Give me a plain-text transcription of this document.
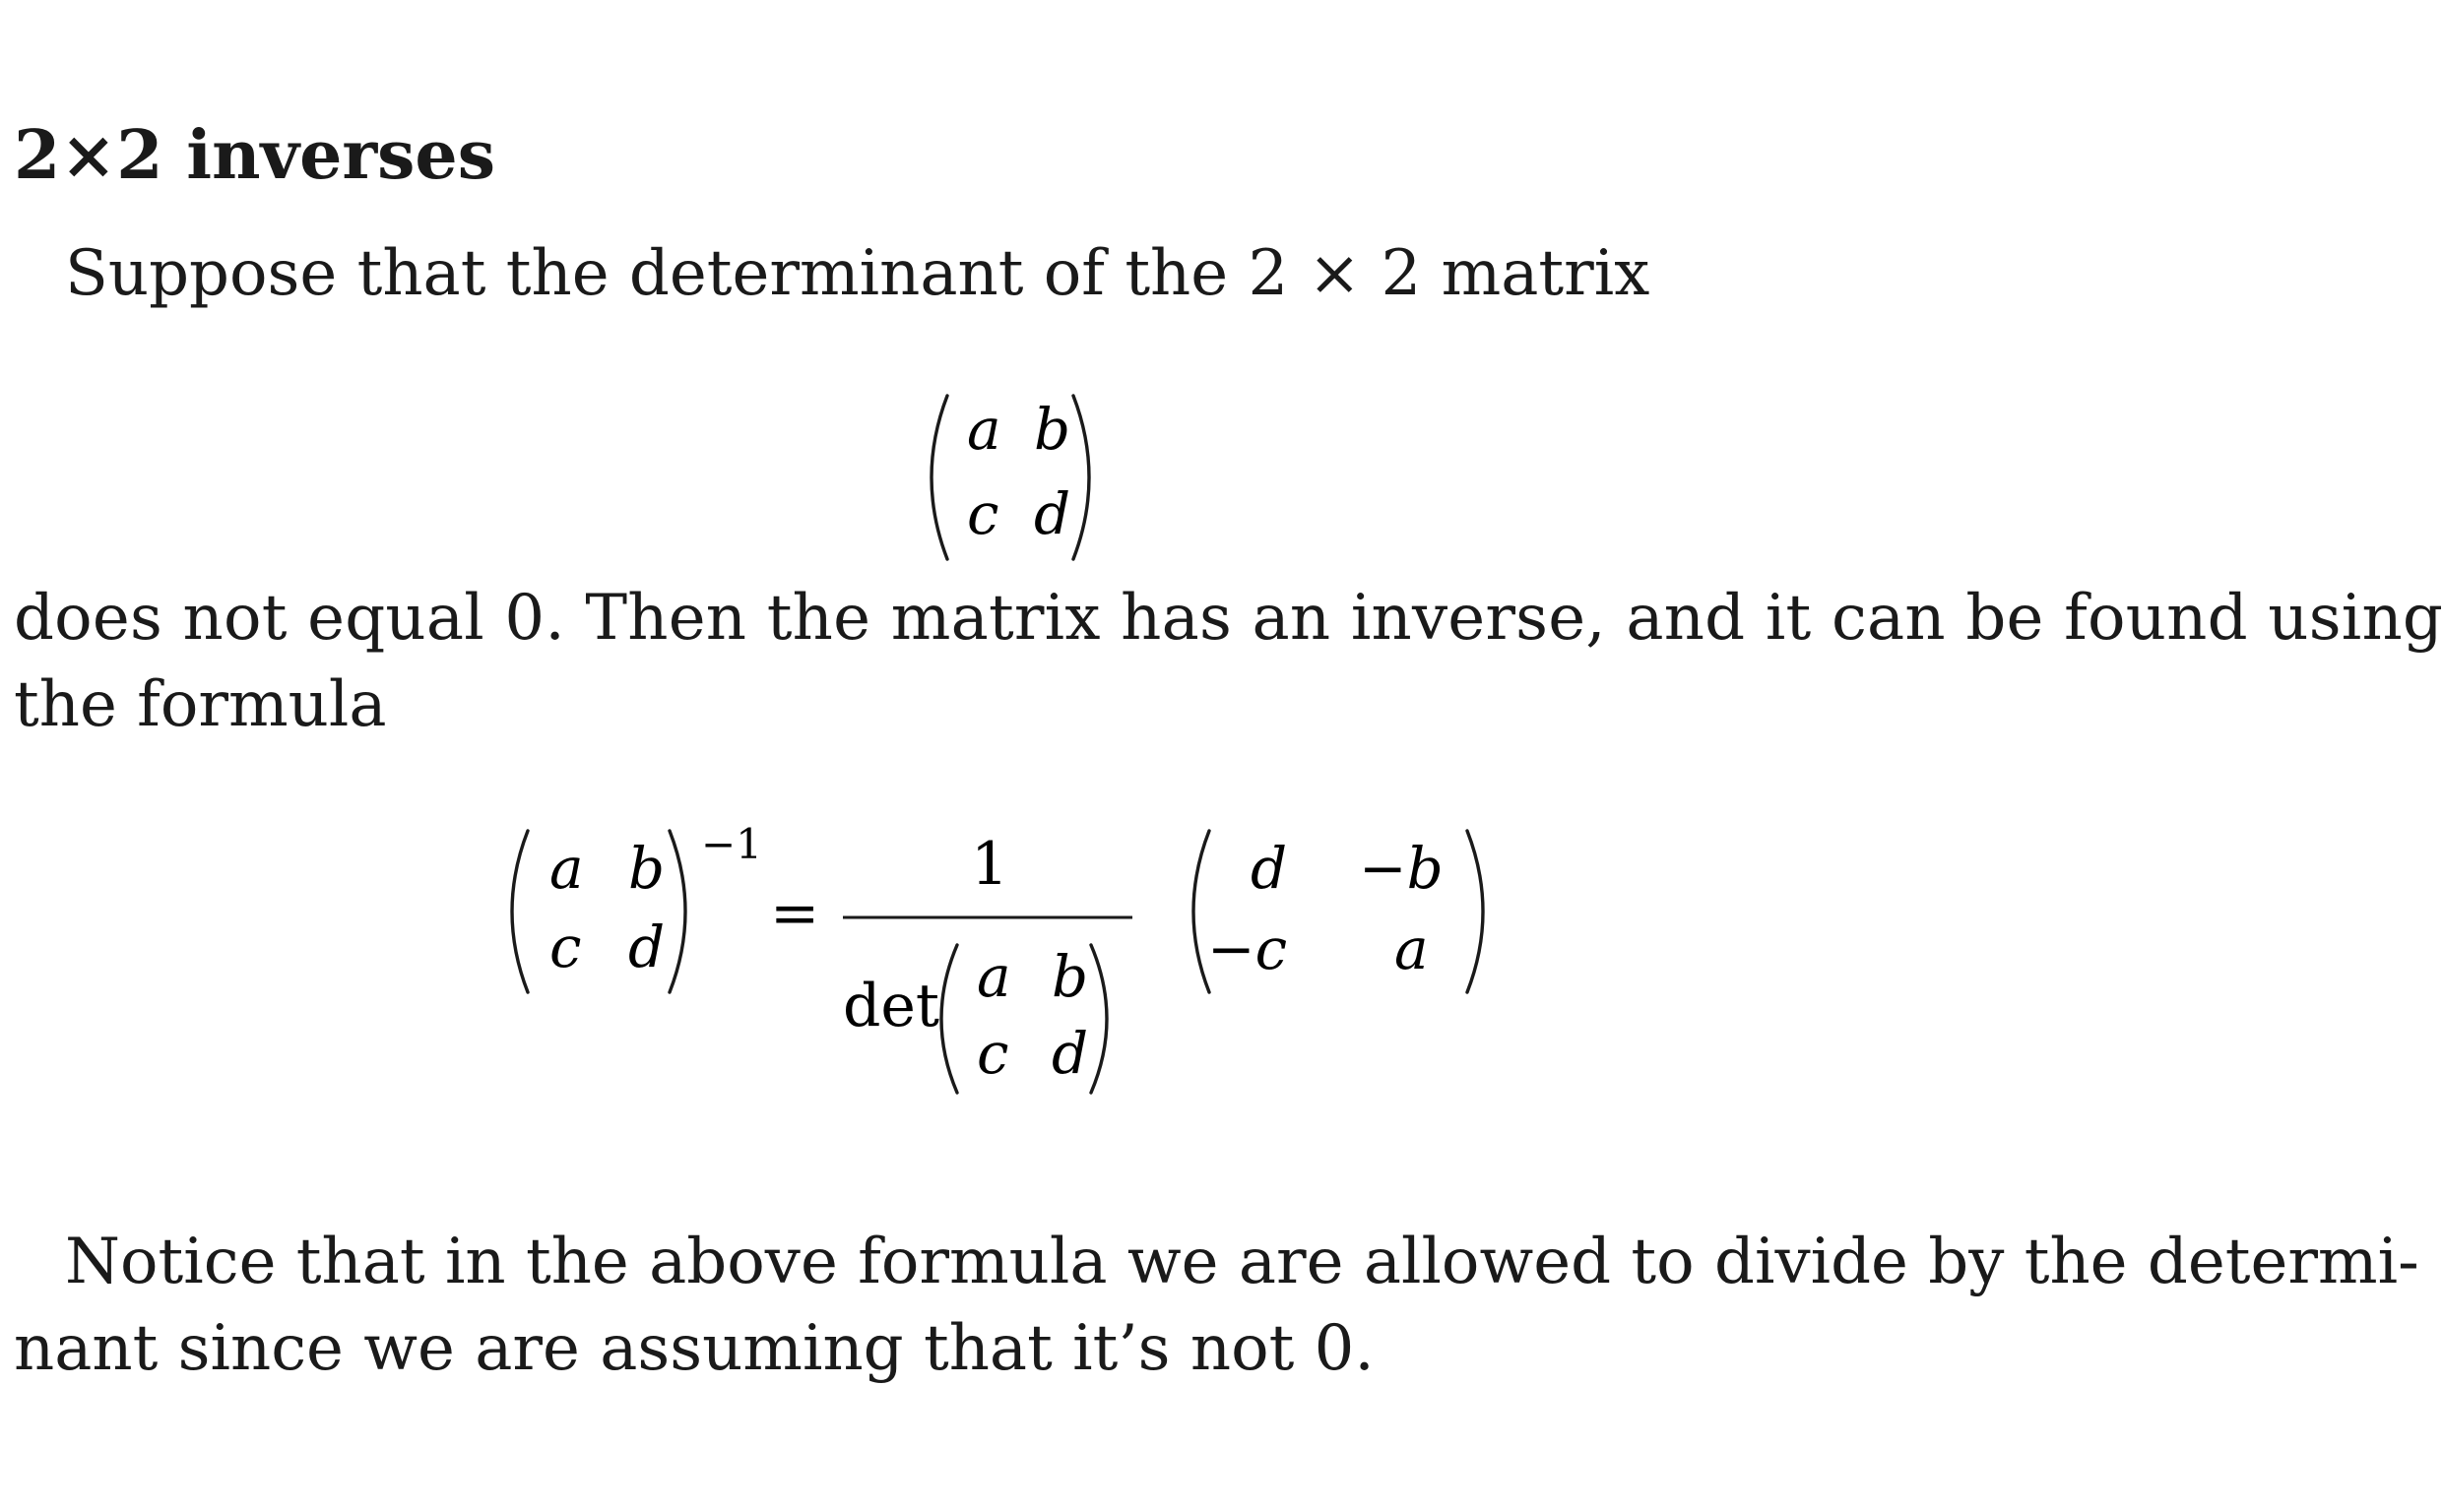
2×2 inverses
Suppose that the determinant of the 2 × 2 matrix
a b
c d
does not equal 0. Then the matrix has an inverse, and it can be found using
the formula
a b
c d
−1
=
1
det a b
c d
d −b
−c a
Notice that in the above formula we are allowed to divide by the determi-
nant since we are assuming that it’s not 0.
